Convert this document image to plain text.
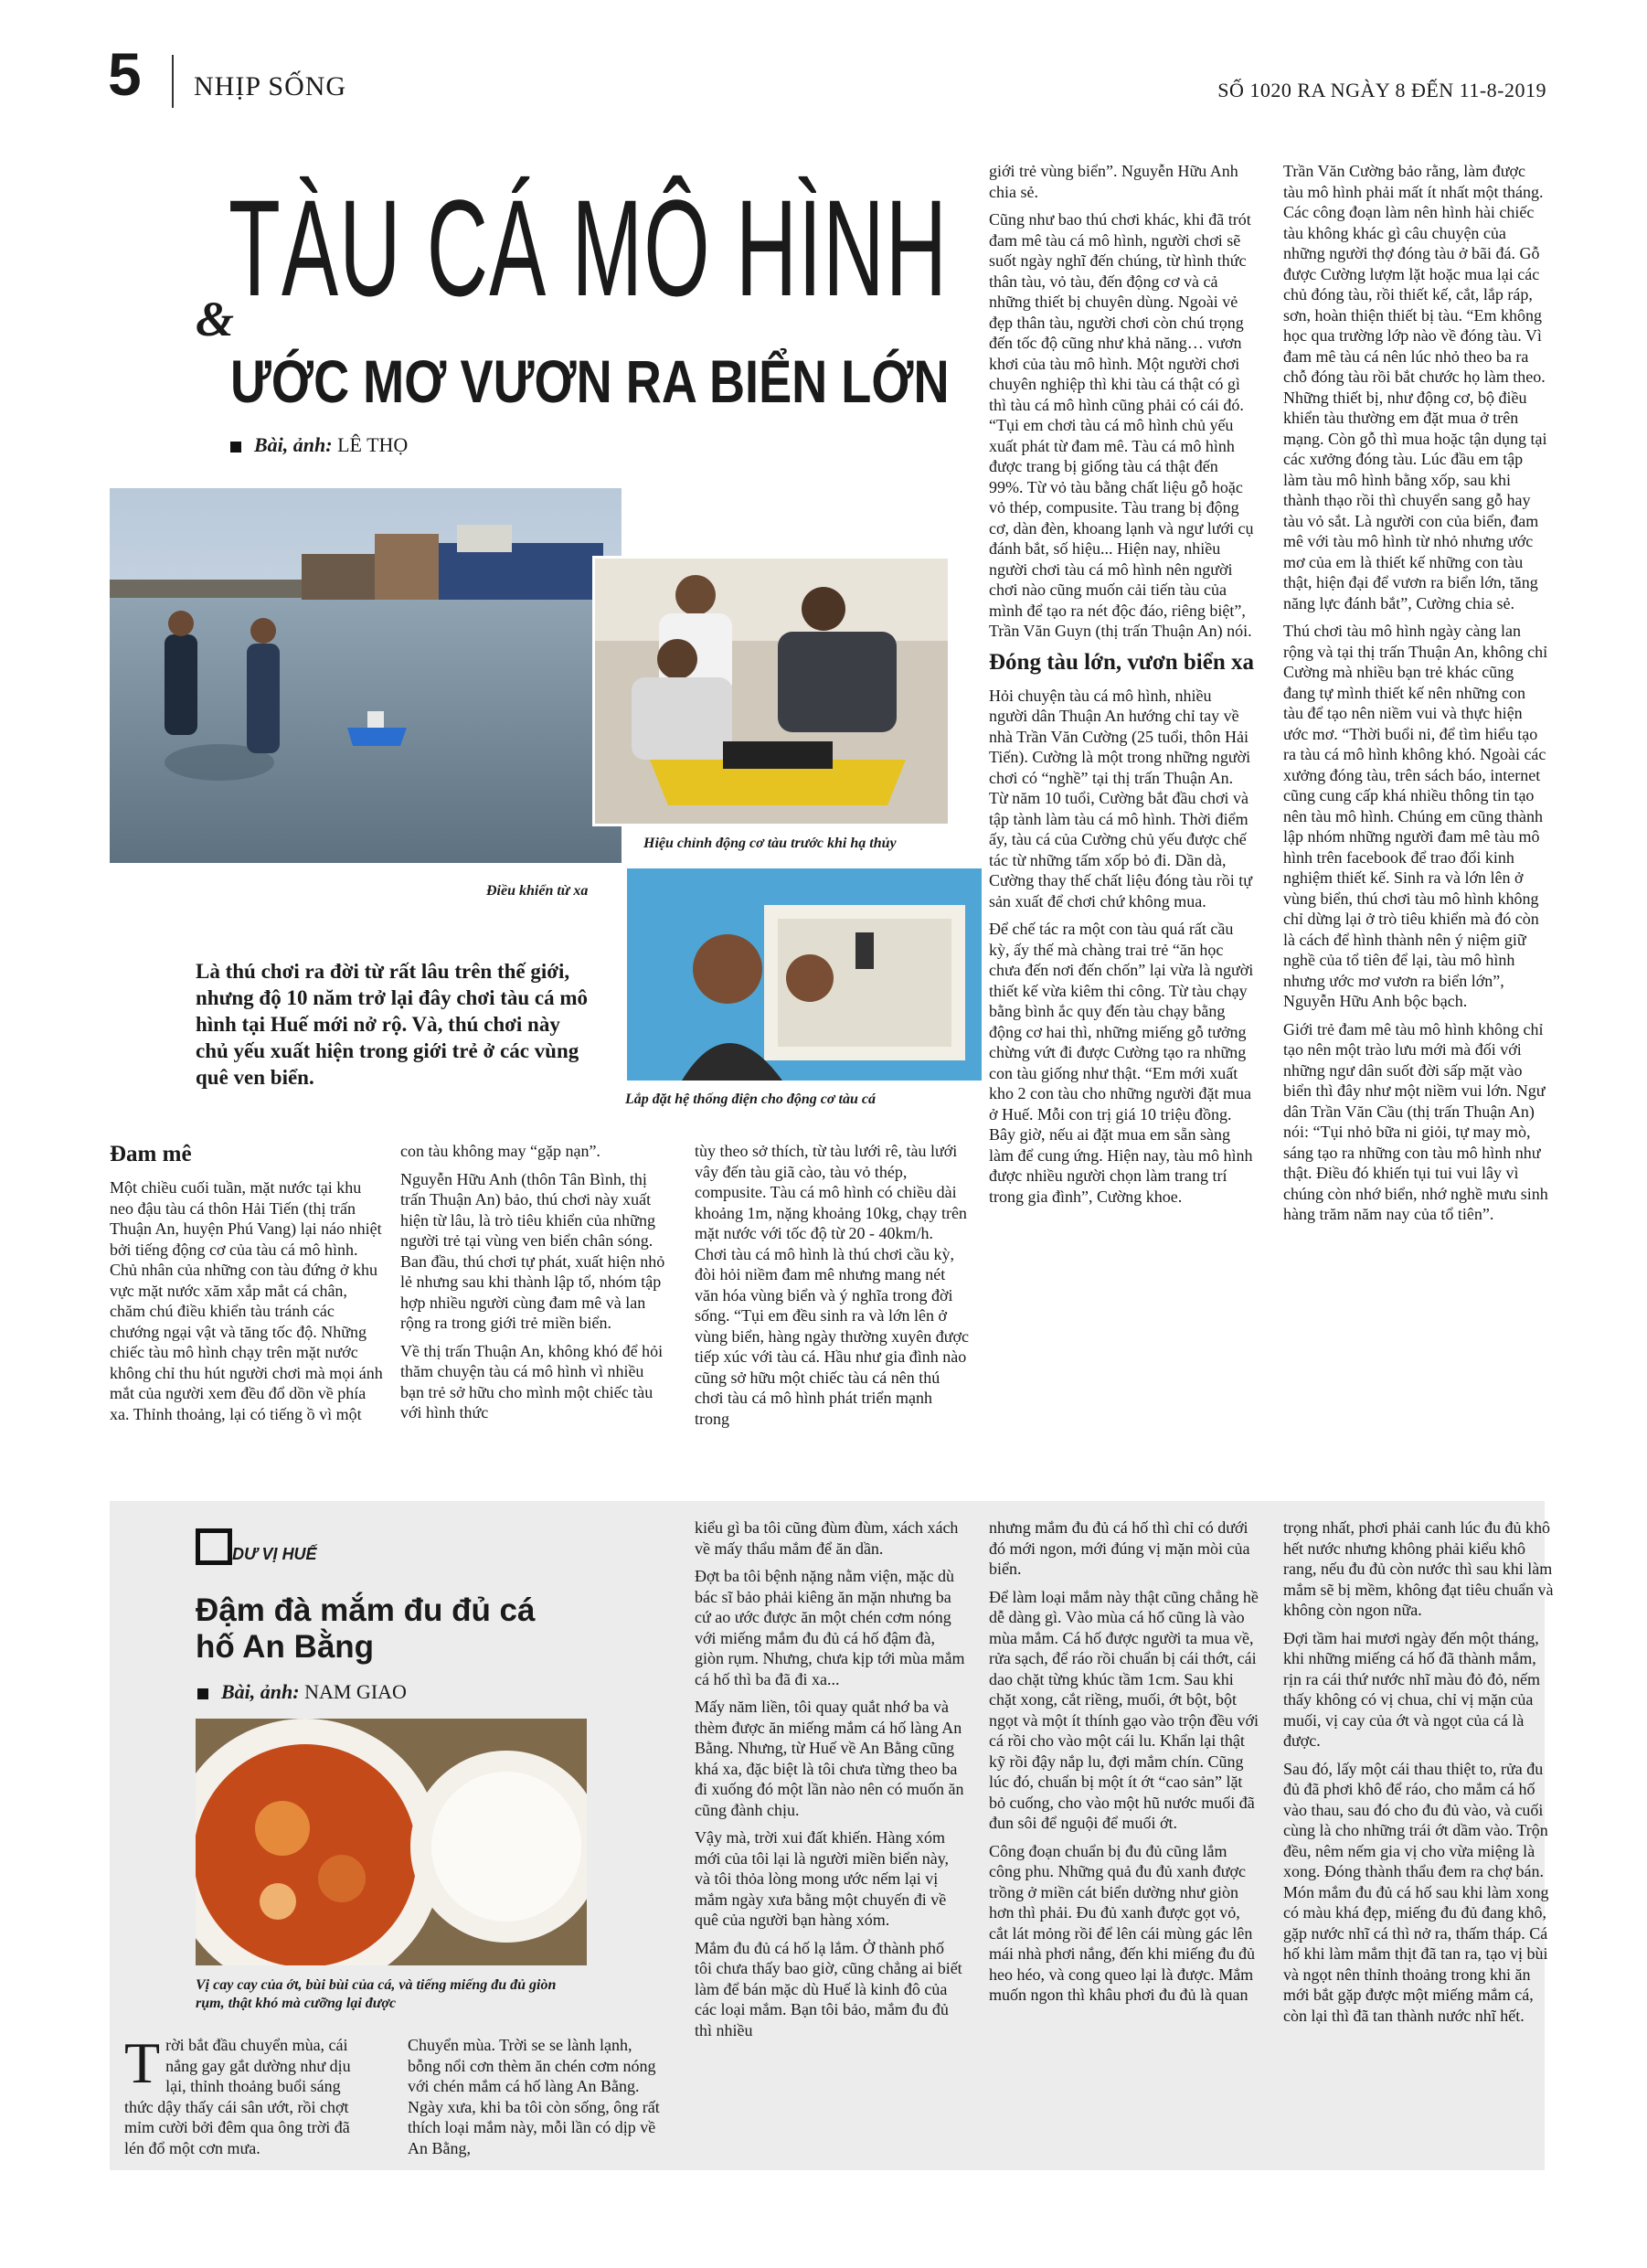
5 NHỊP SỐNG	SỐ 1020 RA NGÀY 8 ĐẾN 11-8-2019
&
TÀU CÁ MÔ HÌNH
ƯỚC MƠ VƯƠN RA BIỂN LỚN
Bài, ảnh: LÊ THỌ
Hiệu chỉnh động cơ tàu trước khi hạ thủy
Điều khiển từ xa
Lắp đặt hệ thống điện cho động cơ tàu cá
Là thú chơi ra đời từ rất lâu trên thế giới, nhưng độ 10 năm trở lại đây chơi tàu cá mô hình tại Huế mới nở rộ. Và, thú chơi này chủ yếu xuất hiện trong giới trẻ ở các vùng quê ven biển.
Đam mê

Một chiều cuối tuần, mặt nước tại khu neo đậu tàu cá thôn Hải Tiến (thị trấn Thuận An, huyện Phú Vang) lại náo nhiệt bởi tiếng động cơ của tàu cá mô hình. Chủ nhân của những con tàu đứng ở khu vực mặt nước xăm xắp mắt cá chân, chăm chú điều khiển tàu tránh các chướng ngại vật và tăng tốc độ. Những chiếc tàu mô hình chạy trên mặt nước không chỉ thu hút người chơi mà mọi ánh mắt của người xem đều đổ dồn về phía xa. Thỉnh thoảng, lại có tiếng ồ vì một

con tàu không may “gặp nạn”.

Nguyễn Hữu Anh (thôn Tân Bình, thị trấn Thuận An) bảo, thú chơi này xuất hiện từ lâu, là trò tiêu khiển của những người trẻ tại vùng ven biển chân sóng. Ban đầu, thú chơi tự phát, xuất hiện nhỏ lẻ nhưng sau khi thành lập tổ, nhóm tập hợp nhiều người cùng đam mê và lan rộng ra trong giới trẻ miền biển.

Về thị trấn Thuận An, không khó để hỏi thăm chuyện tàu cá mô hình vì nhiều bạn trẻ sở hữu cho mình một chiếc tàu với hình thức

tùy theo sở thích, từ tàu lưới rê, tàu lưới vây đến tàu giã cào, tàu vỏ thép, compusite. Tàu cá mô hình có chiều dài khoảng 1m, nặng khoảng 10kg, chạy trên mặt nước với tốc độ từ 20 - 40km/h. Chơi tàu cá mô hình là thú chơi cầu kỳ, đòi hỏi niềm đam mê nhưng mang nét văn hóa vùng biển và ý nghĩa trong đời sống. “Tụi em đều sinh ra và lớn lên ở vùng biển, hàng ngày thường xuyên được tiếp xúc với tàu cá. Hầu như gia đình nào cũng sở hữu một chiếc tàu cá nên thú chơi tàu cá mô hình phát triển mạnh trong

giới trẻ vùng biển”. Nguyễn Hữu Anh chia sẻ.

Cũng như bao thú chơi khác, khi đã trót đam mê tàu cá mô hình, người chơi sẽ suốt ngày nghĩ đến chúng, từ hình thức thân tàu, vỏ tàu, đến động cơ và cả những thiết bị chuyên dùng. Ngoài vẻ đẹp thân tàu, người chơi còn chú trọng đến tốc độ cũng như khả năng… vươn khơi của tàu mô hình. Một người chơi chuyên nghiệp thì khi tàu cá thật có gì thì tàu cá mô hình cũng phải có cái đó. “Tụi em chơi tàu cá mô hình chủ yếu xuất phát từ đam mê. Tàu cá mô hình được trang bị giống tàu cá thật đến 99%. Từ vỏ tàu bằng chất liệu gỗ hoặc vỏ thép, compusite. Tàu trang bị động cơ, dàn đèn, khoang lạnh và ngư lưới cụ đánh bắt, số hiệu... Hiện nay, nhiều người chơi tàu cá mô hình nên người chơi nào cũng muốn cải tiến tàu của mình để tạo ra nét độc đáo, riêng biệt”, Trần Văn Guyn (thị trấn Thuận An) nói.

Đóng tàu lớn, vươn biển xa

Hỏi chuyện tàu cá mô hình, nhiều người dân Thuận An hướng chỉ tay về nhà Trần Văn Cường (25 tuổi, thôn Hải Tiến). Cường là một trong những người chơi có “nghề” tại thị trấn Thuận An. Từ năm 10 tuổi, Cường bắt đầu chơi và tập tành làm tàu cá mô hình. Thời điểm ấy, tàu cá của Cường chủ yếu được chế tác từ những tấm xốp bỏ đi. Dần dà, Cường thay thế chất liệu đóng tàu rồi tự sản xuất để chơi chứ không mua.

Để chế tác ra một con tàu quá rất cầu kỳ, ấy thế mà chàng trai trẻ “ăn học chưa đến nơi đến chốn” lại vừa là người thiết kế vừa kiêm thi công. Từ tàu chạy bằng bình ắc quy đến tàu chạy bằng động cơ hai thì, những miếng gỗ tưởng chừng vứt đi được Cường tạo ra những con tàu giống như thật. “Em mới xuất kho 2 con tàu cho những người đặt mua ở Huế. Mỗi con trị giá 10 triệu đồng. Bây giờ, nếu ai đặt mua em sẵn sàng làm để cung ứng. Hiện nay, tàu mô hình được nhiều người chọn làm trang trí trong gia đình”, Cường khoe.

Trần Văn Cường bảo rằng, làm được tàu mô hình phải mất ít nhất một tháng. Các công đoạn làm nên hình hài chiếc tàu không khác gì câu chuyện của những người thợ đóng tàu ở bãi đá. Gỗ được Cường lượm lặt hoặc mua lại các chủ đóng tàu, rồi thiết kế, cắt, lắp ráp, sơn, hoàn thiện thiết bị tàu. “Em không học qua trường lớp nào về đóng tàu. Vì đam mê tàu cá nên lúc nhỏ theo ba ra chỗ đóng tàu rồi bắt chước họ làm theo. Những thiết bị, như động cơ, bộ điều khiển tàu thường em đặt mua ở trên mạng. Còn gỗ thì mua hoặc tận dụng tại các xưởng đóng tàu. Lúc đầu em tập làm tàu mô hình bằng xốp, sau khi thành thạo rồi thì chuyển sang gỗ hay tàu vỏ sắt. Là người con của biển, đam mê với tàu mô hình từ nhỏ nhưng ước mơ của em là thiết kế những con tàu thật, hiện đại để vươn ra biển lớn, tăng năng lực đánh bắt”, Cường chia sẻ.

Thú chơi tàu mô hình ngày càng lan rộng và tại thị trấn Thuận An, không chỉ Cường mà nhiều bạn trẻ khác cũng đang tự mình thiết kế nên những con tàu để tạo nên niềm vui và thực hiện ước mơ. “Thời buổi ni, để tìm hiểu tạo ra tàu cá mô hình không khó. Ngoài các xưởng đóng tàu, trên sách báo, internet cũng cung cấp khá nhiều thông tin tạo nên tàu mô hình. Chúng em cũng thành lập nhóm những người đam mê tàu mô hình trên facebook để trao đổi kinh nghiệm thiết kế. Sinh ra và lớn lên ở vùng biển, thú chơi tàu mô hình không chỉ dừng lại ở trò tiêu khiển mà đó còn là cách để hình thành nên ý niệm giữ nghề của tổ tiên để lại, tàu mô hình nhưng ước mơ vươn ra biển lớn”, Nguyễn Hữu Anh bộc bạch.

Giới trẻ đam mê tàu mô hình không chỉ tạo nên một trào lưu mới mà đối với những ngư dân suốt đời sấp mặt vào biển thì đây như một niềm vui lớn. Ngư dân Trần Văn Cầu (thị trấn Thuận An) nói: “Tụi nhỏ bữa ni giỏi, tự may mò, sáng tạo ra những con tàu mô hình như thật. Điều đó khiến tụi tui vui lây vì chúng còn nhớ biển, nhớ nghề mưu sinh hàng trăm năm nay của tổ tiên”.

DƯ VỊ HUẾ
Đậm đà mắm đu đủ cá hố An Bằng
Bài, ảnh: NAM GIAO
Vị cay cay của ớt, bùi bùi của cá, và tiếng miếng đu đủ giòn rụm, thật khó mà cưỡng lại được
Trời bắt đầu chuyển mùa, cái nắng gay gắt dường như dịu lại, thỉnh thoảng buổi sáng thức dậy thấy cái sân ướt, rồi chợt mỉm cười bởi đêm qua ông trời đã lén đổ một cơn mưa.

Chuyển mùa. Trời se se lành lạnh, bỗng nổi cơn thèm ăn chén cơm nóng với chén mắm cá hố làng An Bằng. Ngày xưa, khi ba tôi còn sống, ông rất thích loại mắm này, mỗi lần có dịp về An Bằng,

kiểu gì ba tôi cũng đùm đùm, xách xách về mấy thẩu mắm để ăn dần.

Đợt ba tôi bệnh nặng nằm viện, mặc dù bác sĩ bảo phải kiêng ăn mặn nhưng ba cứ ao ước được ăn một chén cơm nóng với miếng mắm đu đủ cá hố đậm đà, giòn rụm. Nhưng, chưa kịp tới mùa mắm cá hố thì ba đã đi xa...

Mấy năm liền, tôi quay quắt nhớ ba và thèm được ăn miếng mắm cá hố làng An Bằng. Nhưng, từ Huế về An Bằng cũng khá xa, đặc biệt là tôi chưa từng theo ba đi xuống đó một lần nào nên có muốn ăn cũng đành chịu.

Vậy mà, trời xui đất khiến. Hàng xóm mới của tôi lại là người miền biển này, và tôi thỏa lòng mong ước nếm lại vị mắm ngày xưa bằng một chuyến đi về quê của người bạn hàng xóm.

Mắm đu đủ cá hố lạ lắm. Ở thành phố tôi chưa thấy bao giờ, cũng chẳng ai biết làm để bán mặc dù Huế là kinh đô của các loại mắm. Bạn tôi bảo, mắm đu đủ thì nhiều

nhưng mắm đu đủ cá hố thì chỉ có dưới đó mới ngon, mới đúng vị mặn mòi của biển.

Để làm loại mắm này thật cũng chẳng hề dễ dàng gì. Vào mùa cá hố cũng là vào mùa mắm. Cá hố được người ta mua về, rửa sạch, để ráo rồi chuẩn bị cái thớt, cái dao chặt từng khúc tầm 1cm. Sau khi chặt xong, cắt riềng, muối, ớt bột, bột ngọt và một ít thính gạo vào trộn đều với cá rồi cho vào một cái lu. Khẩn lại thật kỹ rồi đậy nắp lu, đợi mắm chín. Cũng lúc đó, chuẩn bị một ít ớt “cao sản” lặt bỏ cuống, cho vào một hũ nước muối đã đun sôi để nguội để muối ớt.

Công đoạn chuẩn bị đu đủ cũng lắm công phu. Những quả đu đủ xanh được trồng ở miền cát biển dường như giòn hơn thì phải. Đu đủ xanh được gọt vỏ, cắt lát mỏng rồi để lên cái mùng gác lên mái nhà phơi nắng, đến khi miếng đu đủ heo héo, và cong queo lại là được. Mắm muốn ngon thì khâu phơi đu đủ là quan

trọng nhất, phơi phải canh lúc đu đủ khô hết nước nhưng không phải kiểu khô rang, nếu đu đủ còn nước thì sau khi làm mắm sẽ bị mềm, không đạt tiêu chuẩn và không còn ngon nữa.

Đợi tầm hai mươi ngày đến một tháng, khi những miếng cá hố đã thành mắm, rịn ra cái thứ nước nhĩ màu đỏ đỏ, nếm thấy không có vị chua, chỉ vị mặn của muối, vị cay của ớt và ngọt của cá là được.

Sau đó, lấy một cái thau thiệt to, rửa đu đủ đã phơi khô để ráo, cho mắm cá hố vào thau, sau đó cho đu đủ vào, và cuối cùng là cho những trái ớt dầm vào. Trộn đều, nêm nếm gia vị cho vừa miệng là xong. Đóng thành thẩu đem ra chợ bán. Món mắm đu đủ cá hố sau khi làm xong có màu khá đẹp, miếng đu đủ đang khô, gặp nước nhĩ cá thì nở ra, thấm tháp. Cá hố khi làm mắm thịt đã tan ra, tạo vị bùi và ngọt nên thỉnh thoảng trong khi ăn mới bắt gặp được một miếng mắm cá, còn lại thì đã tan thành nước nhĩ hết.
